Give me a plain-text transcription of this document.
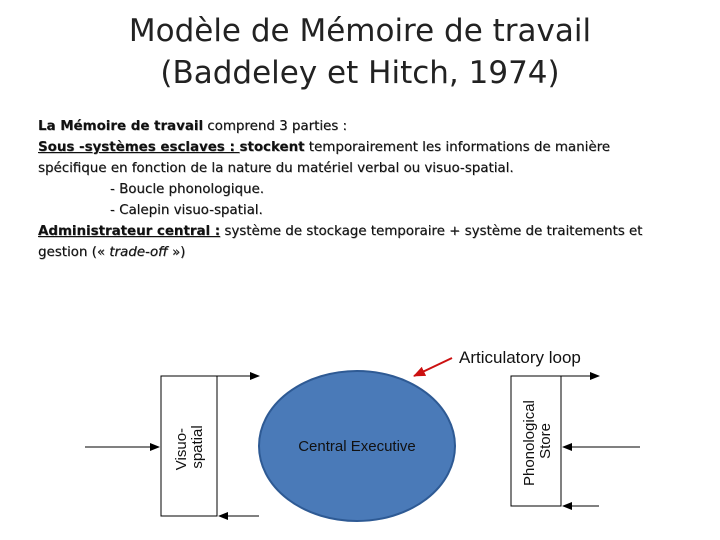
Modèle de Mémoire de travail
(Baddeley et Hitch, 1974)
La Mémoire de travail comprend 3 parties :
Sous -systèmes esclaves : stockent temporairement les informations de manière
spécifique en fonction de la nature du matériel verbal ou visuo-spatial.
- Boucle phonologique.
- Calepin visuo-spatial.
Administrateur central : système de stockage temporaire + système de traitements et
gestion (« trade-off »)
Visuo- spatial	Central Executive	Phonological Store
Articulatory loop
